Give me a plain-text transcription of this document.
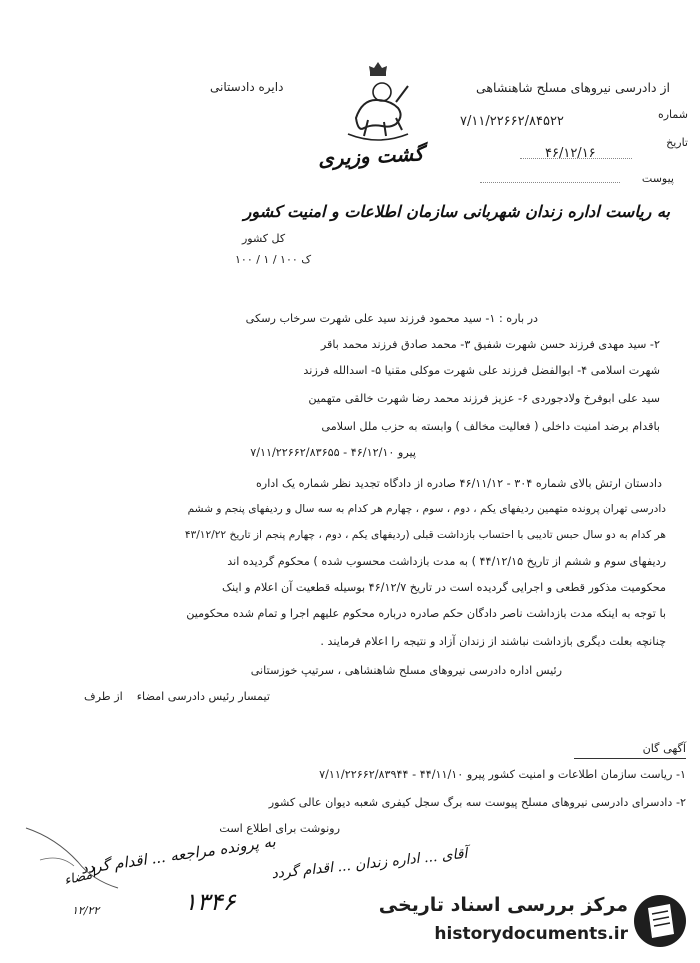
دایره دادستانی	از دادرسی نیروهای مسلح شاهنشاهی
شماره
۷/۱۱/۲۲۶۶۲/۸۴۵۲۲
تاریخ
۴۶/۱۲/۱۶
پیوست
گشت وزیری
به ریاست اداره زندان شهربانی سازمان اطلاعات و امنیت کشور
کل کشور
۱۰۰ / ۱ / ۱۰۰ ک
در باره :‌ ۱- سید محمود فرزند سید علی شهرت سرخاب رسکی
۲- سید مهدی فرزند حسن شهرت شفیق ۳- محمد صادق فرزند محمد باقر
شهرت اسلامی ۴- ابوالفضل فرزند علی شهرت موکلی مقنیا ۵- اسدالله فرزند
سید علی ابوفرخ ولادجوردی ۶- عزیز فرزند محمد رضا شهرت خالقی متهمین
باقدام برضد امنیت داخلی ( فعالیت مخالف ) وابسته به حزب ملل اسلامی
پیرو ۴۶/۱۲/۱۰ - ۷/۱۱/۲۲۶۶۲/۸۳۶۵۵
دادستان ارتش بالای شماره ۳۰۴ - ۴۶/۱۱/۱۲ صادره از دادگاه تجدید نظر شماره یک اداره
دادرسی تهران پرونده متهمین ردیفهای یکم ، دوم ، سوم ، چهارم هر کدام به سه سال و ردیفهای پنجم و ششم
هر کدام به دو سال حبس تادیبی با احتساب بازداشت قبلی (ردیفهای یکم ، دوم ، چهارم پنجم از تاریخ ۴۳/۱۲/۲۲
ردیفهای سوم و ششم از تاریخ ۴۴/۱۲/۱۵ ) به مدت بازداشت محسوب شده ) محکوم گردیده اند
محکومیت مذکور قطعی و اجرایی گردیده است در تاریخ ۴۶/۱۲/۷ بوسیله قطعیت آن اعلام و اینک
با توجه به اینکه مدت بازداشت ناصر دادگان حکم صادره درباره محکوم علیهم اجرا و تمام شده محکومین
چنانچه بعلت دیگری بازداشت نباشند از زندان آزاد و نتیجه را اعلام فرمایند .
رئیس اداره دادرسی نیروهای مسلح شاهنشاهی ، سرتیپ خوزستانی
از طرف تیمسار رئیس دادرسی امضاء
آگهی گان
۱- ریاست سازمان اطلاعات و امنیت کشور پیرو ۴۴/۱۱/۱۰ - ۷/۱۱/۲۲۶۶۲/۸۳۹۴۴
۲- دادسرای دادرسی نیروهای مسلح پیوست سه برگ سجل کیفری شعبه دیوان عالی کشور
رونوشت برای اطلاع است
آقای ... اداره زندان ... اقدام گردد
به پرونده مراجعه ... اقدام گردد
۱۳۴۶
امضاء
۱۲/۲۲	مرکز بررسی اسناد تاریخی
historydocuments.ir
